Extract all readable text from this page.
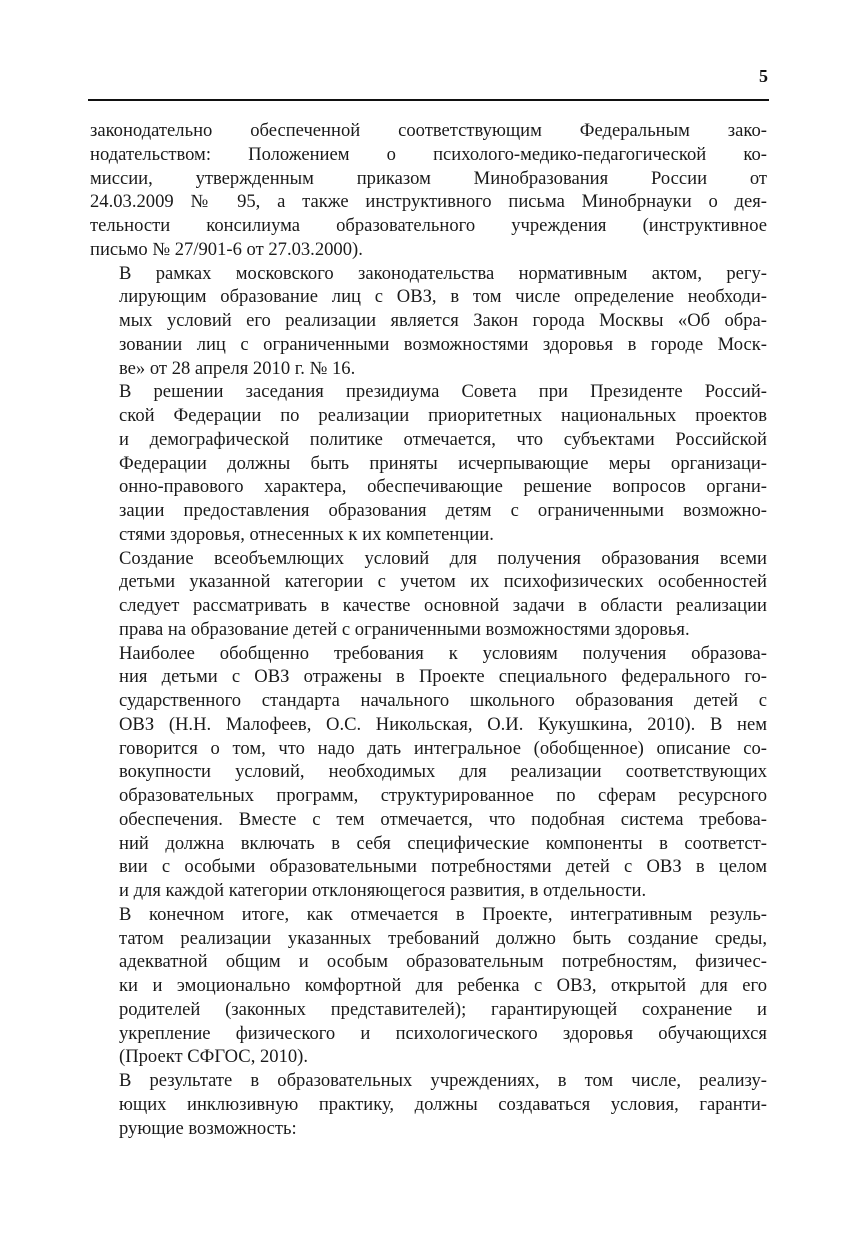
5

законодательно обеспеченной соответствующим Федеральным зако-
нодательством: Положением о психолого-медико-педагогической ко-
миссии, утвержденным приказом Минобразования России от
24.03.2009 № 95, а также инструктивного письма Минобрнауки о дея-
тельности консилиума образовательного учреждения (инструктивное
письмо № 27/901-6 от 27.03.2000).

В рамках московского законодательства нормативным актом, регу-
лирующим образование лиц с ОВЗ, в том числе определение необходи-
мых условий его реализации является Закон города Москвы «Об обра-
зовании лиц с ограниченными возможностями здоровья в городе Моск-
ве» от 28 апреля 2010 г. № 16.

В решении заседания президиума Совета при Президенте Россий-
ской Федерации по реализации приоритетных национальных проектов
и демографической политике отмечается, что субъектами Российской
Федерации должны быть приняты исчерпывающие меры организаци-
онно-правового характера, обеспечивающие решение вопросов органи-
зации предоставления образования детям с ограниченными возможно-
стями здоровья, отнесенных к их компетенции.

Создание всеобъемлющих условий для получения образования всеми
детьми указанной категории с учетом их психофизических особенностей
следует рассматривать в качестве основной задачи в области реализации
права на образование детей с ограниченными возможностями здоровья.

Наиболее обобщенно требования к условиям получения образова-
ния детьми с ОВЗ отражены в Проекте специального федерального го-
сударственного стандарта начального школьного образования детей с
ОВЗ (Н.Н. Малофеев, О.С. Никольская, О.И. Кукушкина, 2010). В нем
говорится о том, что надо дать интегральное (обобщенное) описание со-
вокупности условий, необходимых для реализации соответствующих
образовательных программ, структурированное по сферам ресурсного
обеспечения. Вместе с тем отмечается, что подобная система требова-
ний должна включать в себя специфические компоненты в соответст-
вии с особыми образовательными потребностями детей с ОВЗ в целом
и для каждой категории отклоняющегося развития, в отдельности.

В конечном итоге, как отмечается в Проекте, интегративным резуль-
татом реализации указанных требований должно быть создание среды,
адекватной общим и особым образовательным потребностям, физичес-
ки и эмоционально комфортной для ребенка с ОВЗ, открытой для его
родителей (законных представителей); гарантирующей сохранение и
укрепление физического и психологического здоровья обучающихся
(Проект СФГОС, 2010).

В результате в образовательных учреждениях, в том числе, реализу-
ющих инклюзивную практику, должны создаваться условия, гаранти-
рующие возможность:
